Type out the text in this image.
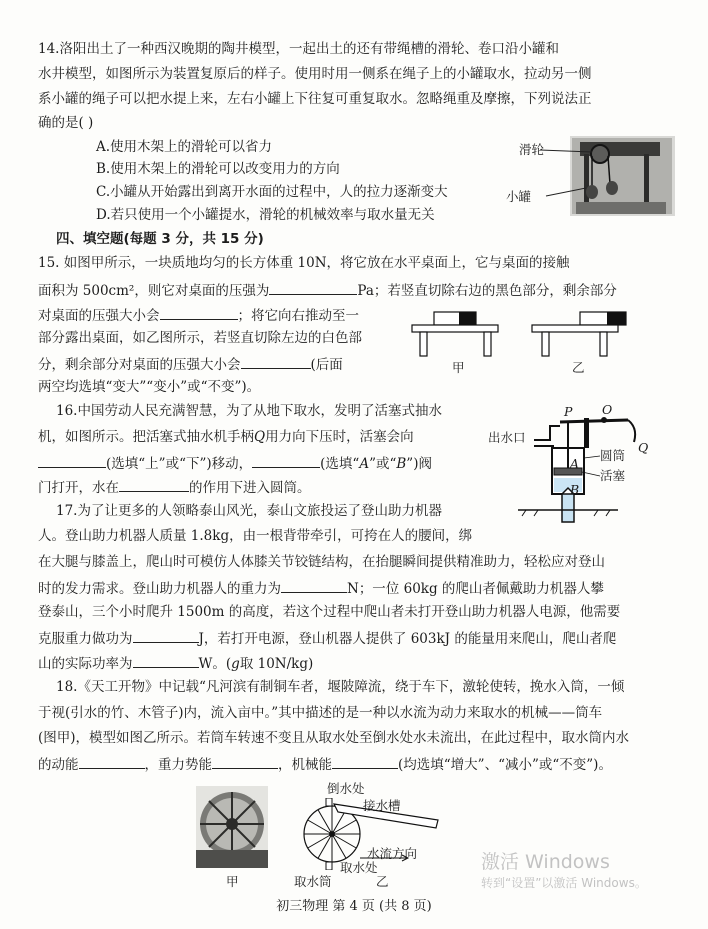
14.洛阳出土了一种西汉晚期的陶井模型，一起出土的还有带绳槽的滑轮、卷口沿小罐和
水井模型，如图所示为装置复原后的样子。使用时用一侧系在绳子上的小罐取水，拉动另一侧
系小罐的绳子可以把水提上来，左右小罐上下往复可重复取水。忽略绳重及摩擦，下列说法正
确的是( )
A.使用木架上的滑轮可以省力
B.使用木架上的滑轮可以改变用力的方向
C.小罐从开始露出到离开水面的过程中，人的拉力逐渐变大
D.若只使用一个小罐提水，滑轮的机械效率与取水量无关
滑轮
小罐
四、填空题(每题 3 分，共 15 分)
15. 如图甲所示，一块质地均匀的长方体重 10N，将它放在水平桌面上，它与桌面的接触
面积为 500cm²，则它对桌面的压强为	Pa；若竖直切除右边的黑色部分，剩余部分
对桌面的压强大小会	；将它向右推动至一
部分露出桌面，如乙图所示，若竖直切除左边的白色部
分，剩余部分对桌面的压强大小会	(后面
两空均选填“变大”“变小”或“不变”)。
甲	乙
16.中国劳动人民充满智慧，为了从地下取水，发明了活塞式抽水
机，如图所示。把活塞式抽水机手柄Q用力向下压时，活塞会向
(选填“上”或“下”)移动，	(选填“A”或“B”)阀
门打开，水在	的作用下进入圆筒。
出水口
圆筒
活塞
P O
Q
A
B
17.为了让更多的人领略泰山风光，泰山文旅投运了登山助力机器
人。登山助力机器人质量 1.8kg，由一根背带牵引，可挎在人的腰间，绑
在大腿与膝盖上，爬山时可模仿人体膝关节铰链结构，在抬腿瞬间提供精准助力，轻松应对登山
时的发力需求。登山助力机器人的重力为	N；一位 60kg 的爬山者佩戴助力机器人攀
登泰山，三个小时爬升 1500m 的高度，若这个过程中爬山者未打开登山助力机器人电源，他需要
克服重力做功为	J，若打开电源，登山机器人提供了 603kJ 的能量用来爬山，爬山者爬
山的实际功率为	W。(g取 10N/kg)
18.《天工开物》中记载“凡河滨有制铜车者，堰陂障流，绕于车下，激轮使转，挽水入筒，一倾
于视(引水的竹、木管子)内，流入亩中。”其中描述的是一种以水流为动力来取水的机械——筒车
(图甲)，模型如图乙所示。若筒车转速不变且从取水处至倒水处水未流出，在此过程中，取水筒内水
的动能	，重力势能	，机械能	(均选填“增大”、“减小”或“不变”)。
甲
倒水处
接水槽
水流方向
取水处
取水筒	乙
激活 Windows
转到“设置”以激活 Windows。
初三物理 第 4 页 (共 8 页)
